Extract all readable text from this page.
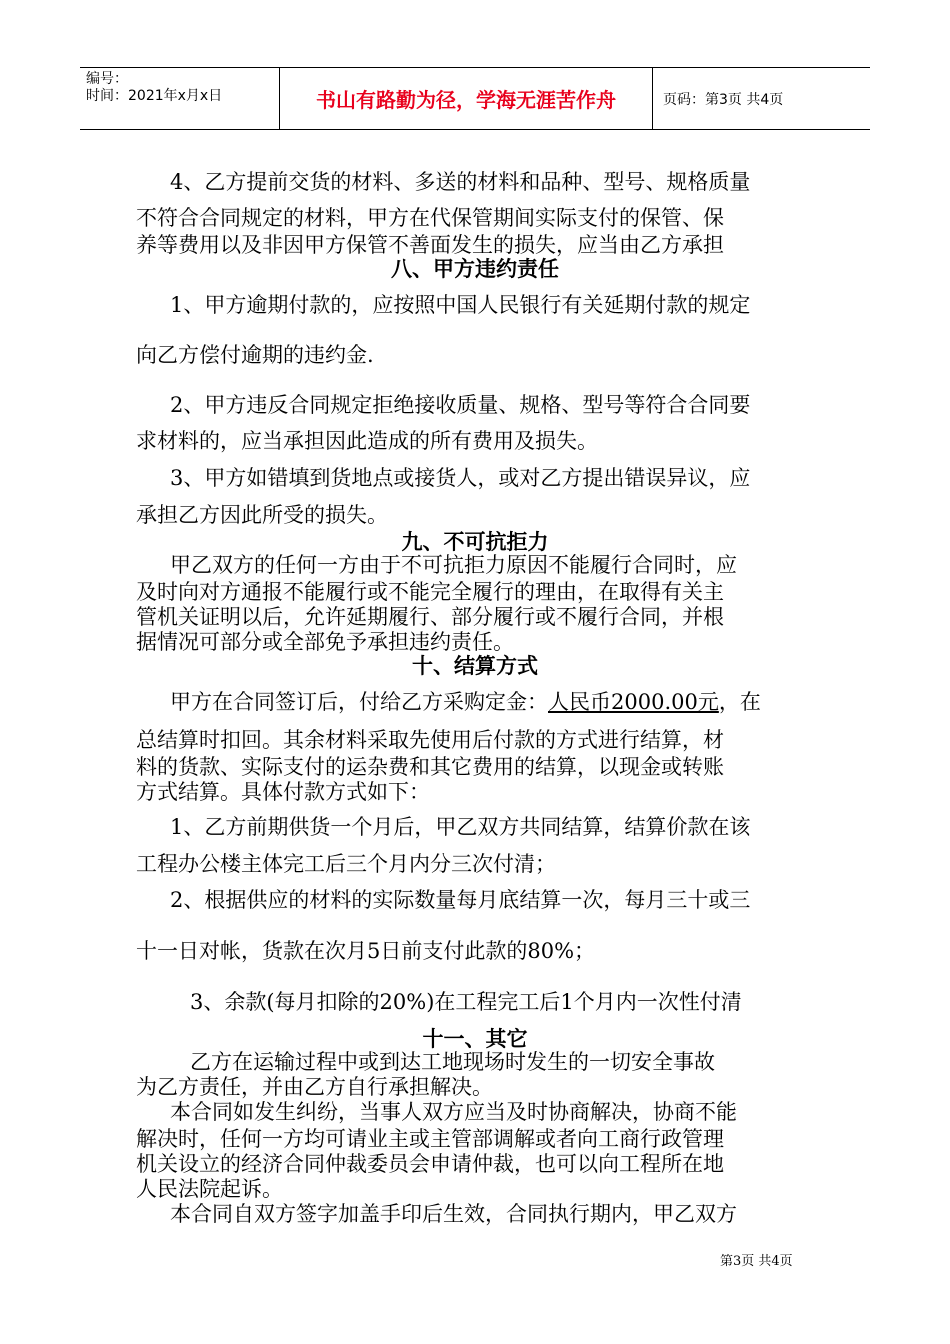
编号：
时间：2021年x月x日	书山有路勤为径，学海无涯苦作舟	页码：第3页 共4页
4、乙方提前交货的材料、多送的材料和品种、型号、规格质量
不符合合同规定的材料，甲方在代保管期间实际支付的保管、保
养等费用以及非因甲方保管不善面发生的损失，应当由乙方承担
八、甲方违约责任
1、甲方逾期付款的，应按照中国人民银行有关延期付款的规定
向乙方偿付逾期的违约金.
2、甲方违反合同规定拒绝接收质量、规格、型号等符合合同要
求材料的，应当承担因此造成的所有费用及损失。
3、甲方如错填到货地点或接货人，或对乙方提出错误异议，应
承担乙方因此所受的损失。
九、不可抗拒力
甲乙双方的任何一方由于不可抗拒力原因不能履行合同时，应
及时向对方通报不能履行或不能完全履行的理由，在取得有关主
管机关证明以后，允许延期履行、部分履行或不履行合同，并根
据情况可部分或全部免予承担违约责任。
十、结算方式
甲方在合同签订后，付给乙方采购定金：人民币2000.00元，在
总结算时扣回。其余材料采取先使用后付款的方式进行结算，材
料的货款、实际支付的运杂费和其它费用的结算，以现金或转账
方式结算。具体付款方式如下：
1、乙方前期供货一个月后，甲乙双方共同结算，结算价款在该
工程办公楼主体完工后三个月内分三次付清；
2、根据供应的材料的实际数量每月底结算一次，每月三十或三
十一日对帐，货款在次月5日前支付此款的80%；
3、余款(每月扣除的20%)在工程完工后1个月内一次性付清
十一、其它
乙方在运输过程中或到达工地现场时发生的一切安全事故
为乙方责任，并由乙方自行承担解决。
本合同如发生纠纷，当事人双方应当及时协商解决，协商不能
解决时，任何一方均可请业主或主管部调解或者向工商行政管理
机关设立的经济合同仲裁委员会申请仲裁，也可以向工程所在地
人民法院起诉。
本合同自双方签字加盖手印后生效，合同执行期内，甲乙双方
第3页 共4页
